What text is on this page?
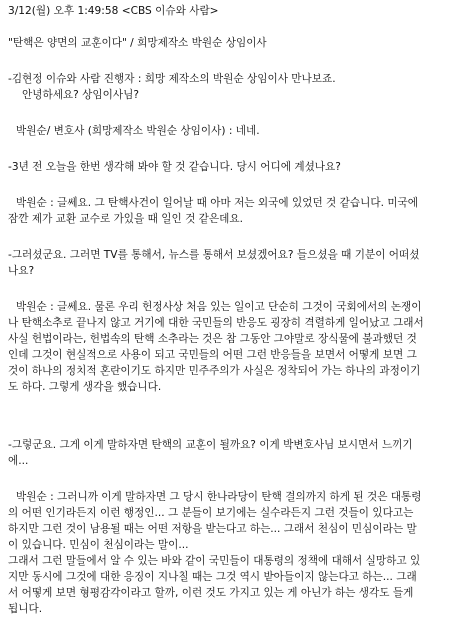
3/12(월) 오후 1:49:58 <CBS 이슈와 사람>
"탄핵은 양면의 교훈이다" / 희망제작소 박원순 상임이사
-김현정 이슈와 사람 진행자 : 희망 제작소의 박원순 상임이사 만나보죠.
안녕하세요? 상임이사님?
박원순/ 변호사 (희망제작소 박원순 상임이사) : 네네.
-3년 전 오늘을 한번 생각해 봐야 할 것 같습니다. 당시 어디에 계셨나요?
박원순 : 글쎄요. 그 탄핵사건이 일어날 때 아마 저는 외국에 있었던 것 같습니다. 미국에
잠깐 제가 교환 교수로 가있을 때 일인 것 같은데요.
-그러셨군요. 그러면 TV를 통해서, 뉴스를 통해서 보셨겠어요? 들으셨을 때 기분이 어떠셨
나요?
박원순 : 글쎄요. 물론 우리 헌정사상 처음 있는 일이고 단순히 그것이 국회에서의 논쟁이
나 탄핵소추로 끝나지 않고 거기에 대한 국민들의 반응도 굉장히 격렬하게 일어났고 그래서
사실 헌법이라는, 헌법속의 탄핵 소추라는 것은 참 그동안 그야말로 장식물에 불과했던 것
인데 그것이 현실적으로 사용이 되고 국민들의 어떤 그런 반응들을 보면서 어떻게 보면 그
것이 하나의 정치적 혼란이기도 하지만 민주주의가 사실은 정착되어 가는 하나의 과정이기
도 하다. 그렇게 생각을 했습니다.
-그렇군요. 그게 이게 말하자면 탄핵의 교훈이 될까요? 이게 박변호사님 보시면서 느끼기
에...
박원순 : 그러니까 이게 말하자면 그 당시 한나라당이 탄핵 결의까지 하게 된 것은 대통령
의 어떤 인기라든지 이런 행정인... 그 분들이 보기에는 실수라든지 그런 것들이 있다고는
하지만 그런 것이 남용될 때는 어떤 저항을 받는다고 하는... 그래서 천심이 민심이라는 말
이 있습니다. 민심이 천심이라는 말이...
그래서 그런 말들에서 알 수 있는 바와 같이 국민들이 대통령의 정책에 대해서 실망하고 있
지만 동시에 그것에 대한 응징이 지나칠 때는 그것 역시 받아들이지 않는다고 하는... 그래
서 어떻게 보면 형평감각이라고 할까, 이런 것도 가지고 있는 게 아닌가 하는 생각도 들게
됩니다.
